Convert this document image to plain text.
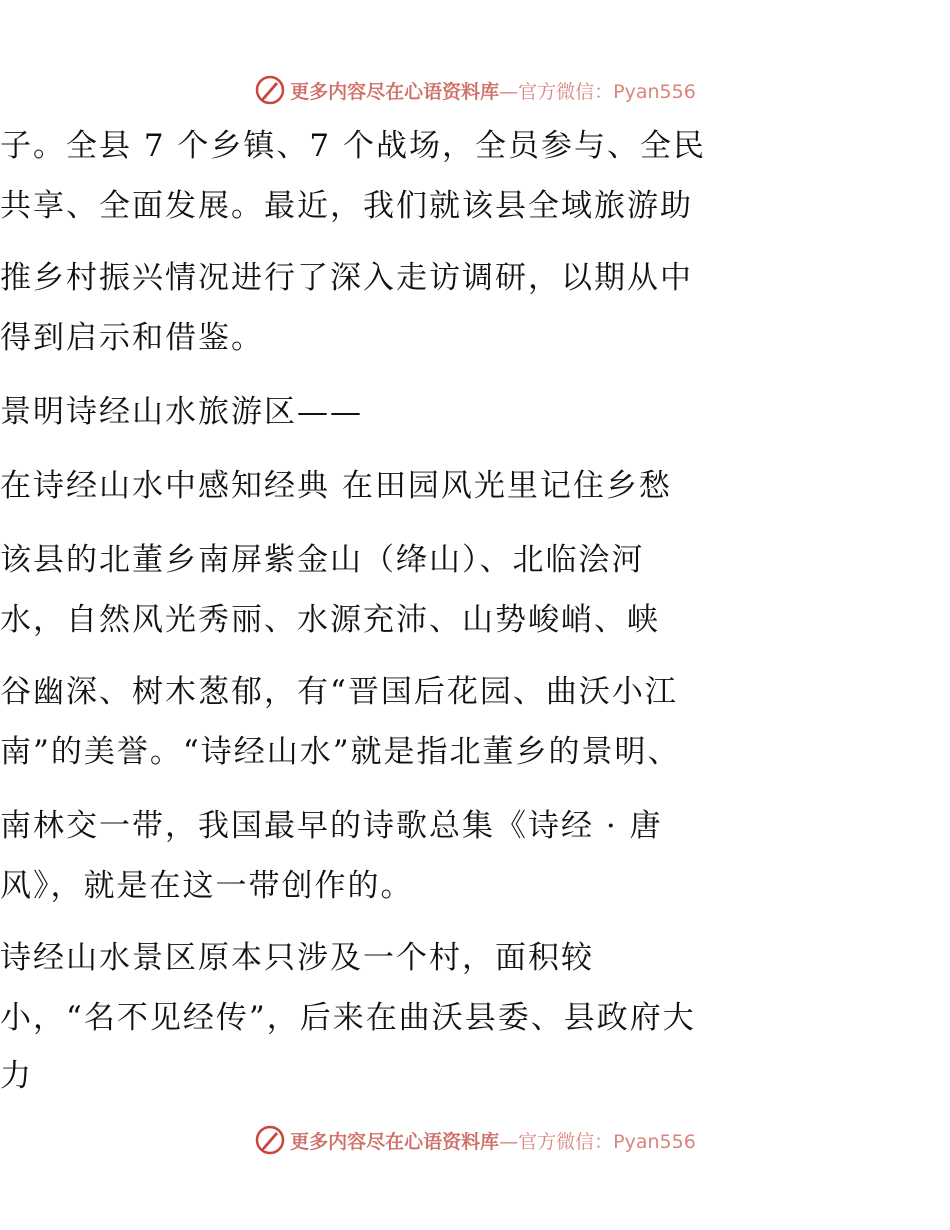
更多内容尽在心语资料库—官方微信：Pyan556
子。全县 7 个乡镇、7 个战场，全员参与、全民
共享、全面发展。最近，我们就该县全域旅游助
推乡村振兴情况进行了深入走访调研，以期从中
得到启示和借鉴。
景明诗经山水旅游区——
在诗经山水中感知经典 在田园风光里记住乡愁
该县的北董乡南屏紫金山（绛山）、北临浍河
水，自然风光秀丽、水源充沛、山势峻峭、峡
谷幽深、树木葱郁，有“晋国后花园、曲沃小江
南”的美誉。“诗经山水”就是指北董乡的景明、
南林交一带，我国最早的诗歌总集《诗经 · 唐
风》，就是在这一带创作的。
诗经山水景区原本只涉及一个村，面积较
小，“名不见经传”，后来在曲沃县委、县政府大
力
更多内容尽在心语资料库—官方微信：Pyan556
